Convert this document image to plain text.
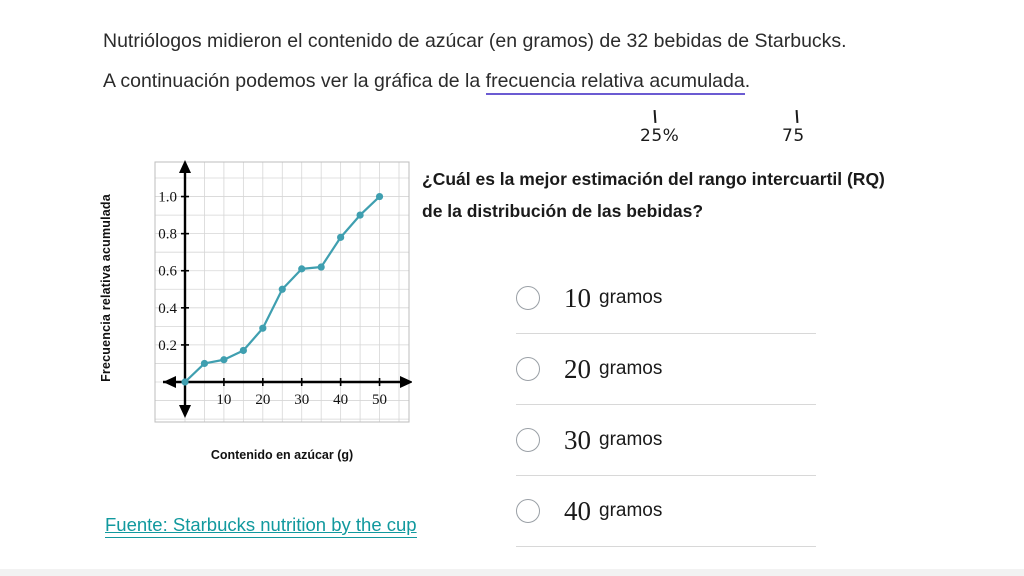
Nutriólogos midieron el contenido de azúcar (en gramos) de 32 bebidas de Starbucks.
A continuación podemos ver la gráfica de la frecuencia relativa acumulada.
25%	75
Frecuencia relativa acumulada	0.2
0.4
0.6
0.8
1.0
10 20 30 40 50
Contenido en azúcar (g)
¿Cuál es la mejor estimación del rango intercuartil (RQ)
de la distribución de las bebidas?
10 gramos
20 gramos
30 gramos
40 gramos
Fuente: Starbucks nutrition by the cup
